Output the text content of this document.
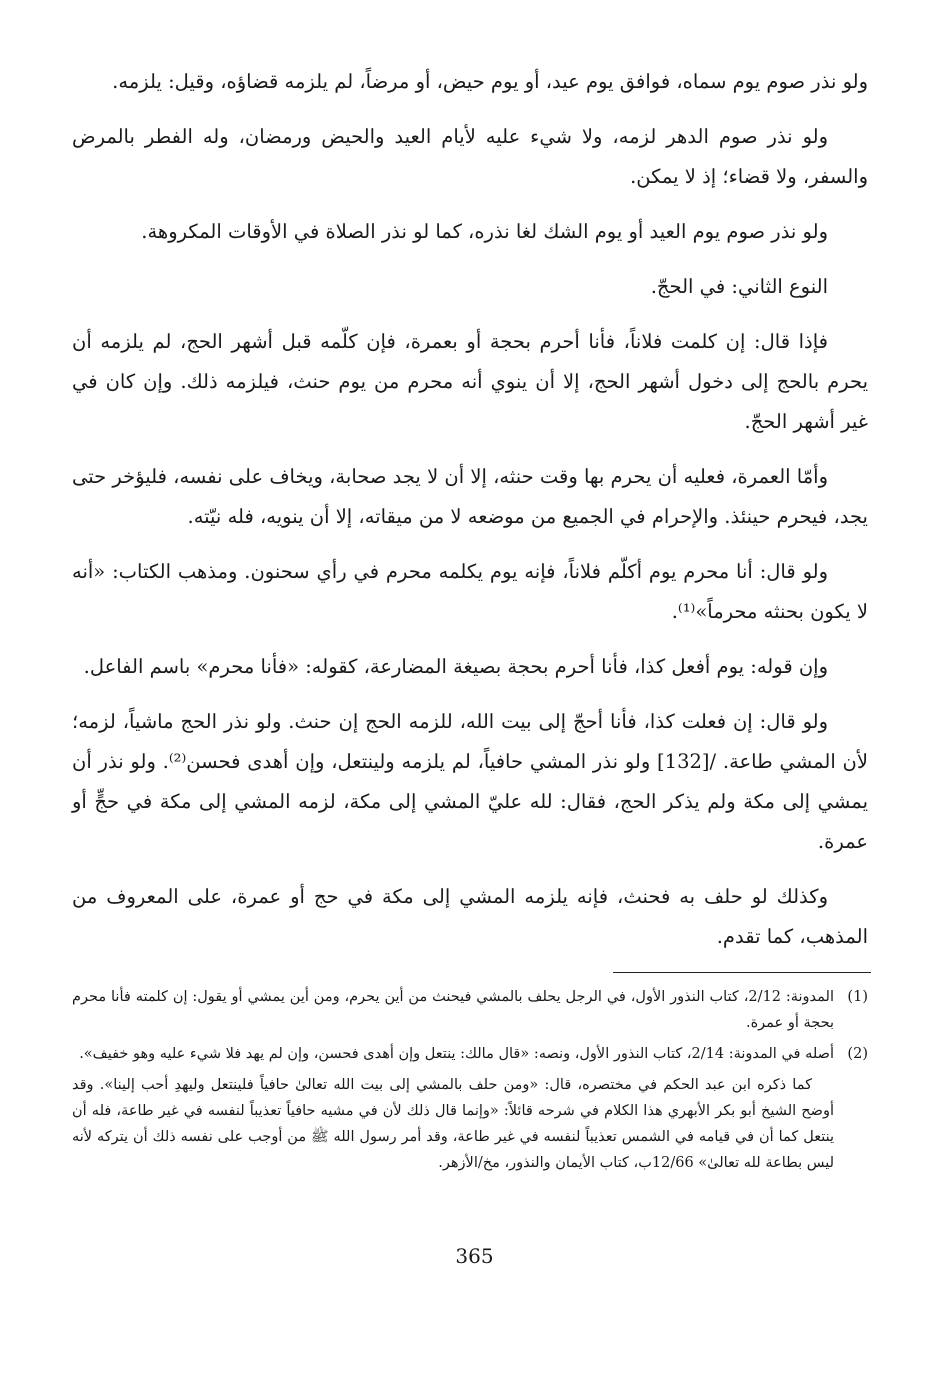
ولو نذر صوم يوم سماه، فوافق يوم عيد، أو يوم حيض، أو مرضاً، لم يلزمه قضاؤه، وقيل: يلزمه.

ولو نذر صوم الدهر لزمه، ولا شيء عليه لأيام العيد والحيض ورمضان، وله الفطر بالمرض والسفر، ولا قضاء؛ إذ لا يمكن.

ولو نذر صوم يوم العيد أو يوم الشك لغا نذره، كما لو نذر الصلاة في الأوقات المكروهة.

النوع الثاني: في الحجّ.

فإذا قال: إن كلمت فلاناً، فأنا أحرم بحجة أو بعمرة، فإن كلّمه قبل أشهر الحج، لم يلزمه أن يحرم بالحج إلى دخول أشهر الحج، إلا أن ينوي أنه محرم من يوم حنث، فيلزمه ذلك. وإن كان في غير أشهر الحجّ.

وأمّا العمرة، فعليه أن يحرم بها وقت حنثه، إلا أن لا يجد صحابة، ويخاف على نفسه، فليؤخر حتى يجد، فيحرم حينئذ. والإحرام في الجميع من موضعه لا من ميقاته، إلا أن ينويه، فله نيّته.

ولو قال: أنا محرم يوم أكلّم فلاناً، فإنه يوم يكلمه محرم في رأي سحنون. ومذهب الكتاب: «أنه لا يكون بحنثه محرماً»⁽¹⁾.

وإن قوله: يوم أفعل كذا، فأنا أحرم بحجة بصيغة المضارعة، كقوله: «فأنا محرم» باسم الفاعل.

ولو قال: إن فعلت كذا، فأنا أحجّ إلى بيت الله، للزمه الحج إن حنث. ولو نذر الحج ماشياً، لزمه؛ لأن المشي طاعة. /[132] ولو نذر المشي حافياً، لم يلزمه ولينتعل، وإن أهدى فحسن⁽²⁾. ولو نذر أن يمشي إلى مكة ولم يذكر الحج، فقال: لله عليّ المشي إلى مكة، لزمه المشي إلى مكة في حجٍّ أو عمرة.

وكذلك لو حلف به فحنث، فإنه يلزمه المشي إلى مكة في حج أو عمرة، على المعروف من المذهب، كما تقدم.

(1)
المدونة: 2/12، كتاب النذور الأول، في الرجل يحلف بالمشي فيحنث من أين يحرم، ومن أين يمشي أو يقول: إن كلمته فأنا محرم بحجة أو عمرة.
(2)
أصله في المدونة: 2/14، كتاب النذور الأول، ونصه: «قال مالك: ينتعل وإن أهدى فحسن، وإن لم يهد فلا شيء عليه وهو خفيف».

كما ذكره ابن عبد الحكم في مختصره، قال: «ومن حلف بالمشي إلى بيت الله تعالىٰ حافياً فلينتعل وليهدِ أحب إلينا». وقد أوضح الشيخ أبو بكر الأبهري هذا الكلام في شرحه قائلاً: «وإنما قال ذلك لأن في مشيه حافياً تعذيباً لنفسه في غير طاعة، فله أن ينتعل كما أن في قيامه في الشمس تعذيباً لنفسه في غير طاعة، وقد أمر رسول الله ﷺ من أوجب على نفسه ذلك أن يتركه لأنه ليس بطاعة لله تعالىٰ» 12/66ب، كتاب الأيمان والنذور، مخ/الأزهر.

365
